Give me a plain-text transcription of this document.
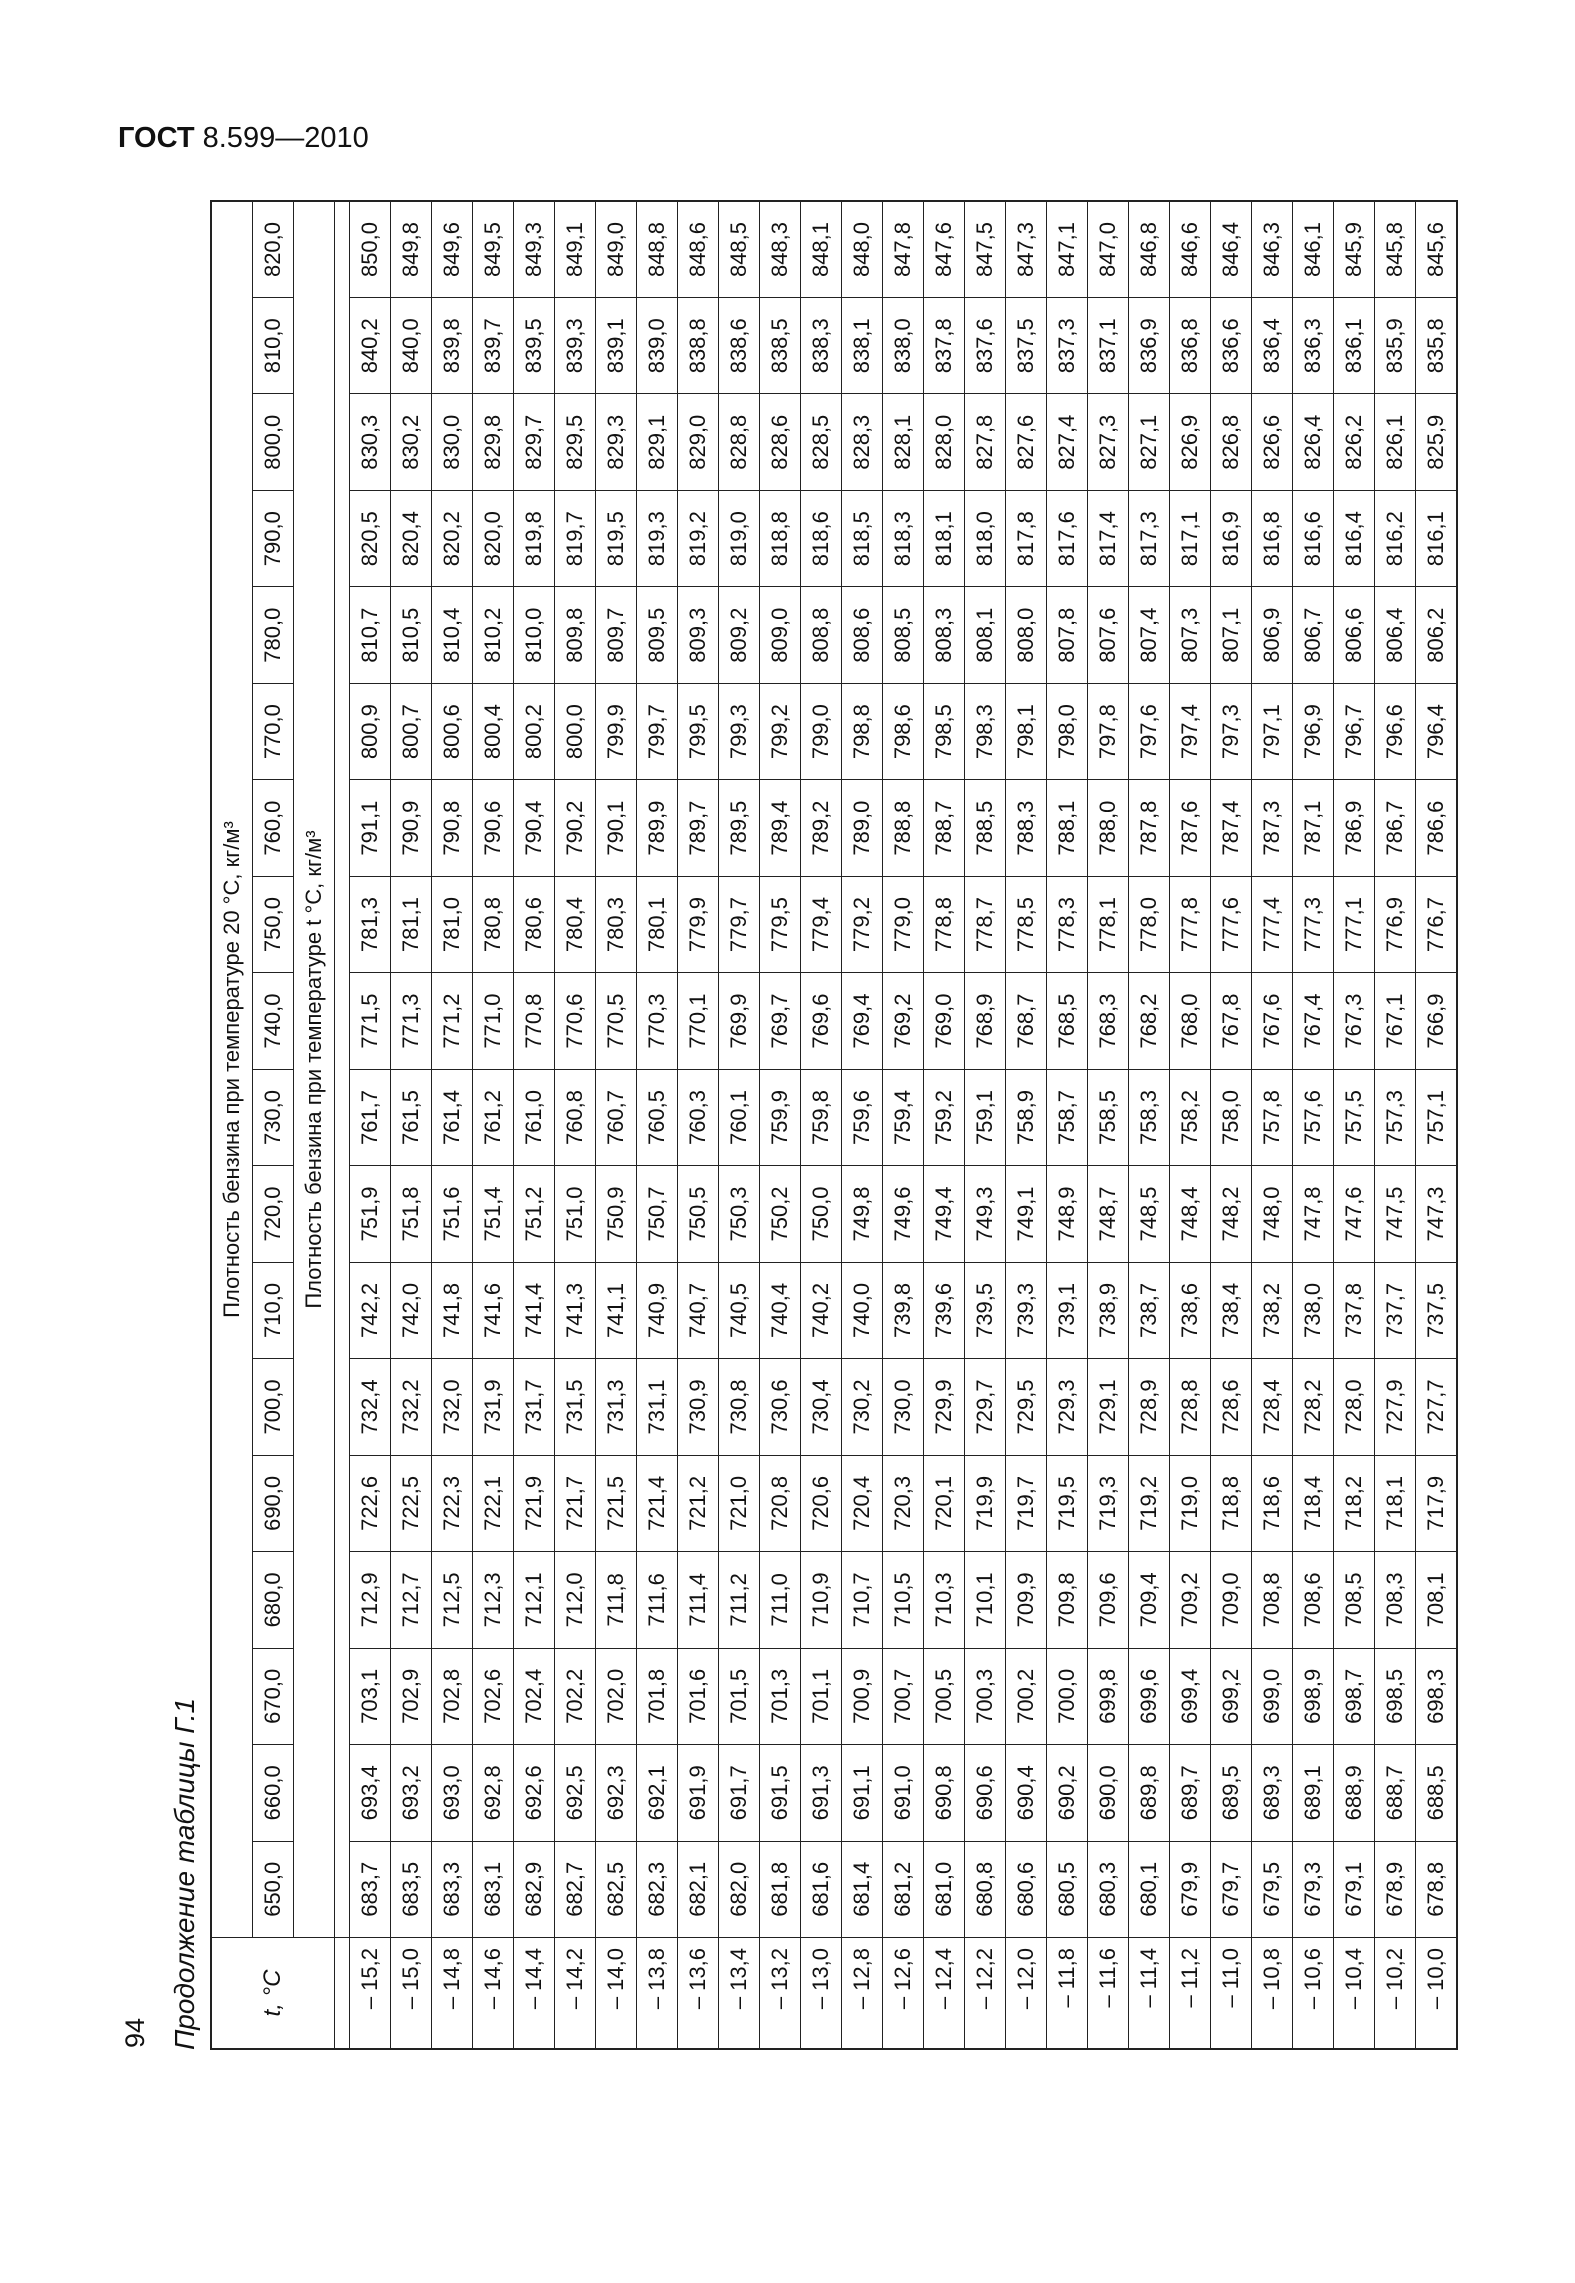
ГОСТ 8.599—2010
94 Продолжение таблицы Г.1	t, °C	Плотность бензина при температуре 20 °C, кг/м³																	
	650,0	660,0	670,0	680,0	690,0	700,0	710,0	720,0	730,0	740,0	750,0	760,0	770,0	780,0	790,0	800,0	810,0	820,0
	Плотность бензина при температуре t °C, кг/м³																	

– 15,2	683,7	693,4	703,1	712,9	722,6	732,4	742,2	751,9	761,7	771,5	781,3	791,1	800,9	810,7	820,5	830,3	840,2	850,0
– 15,0	683,5	693,2	702,9	712,7	722,5	732,2	742,0	751,8	761,5	771,3	781,1	790,9	800,7	810,5	820,4	830,2	840,0	849,8
– 14,8	683,3	693,0	702,8	712,5	722,3	732,0	741,8	751,6	761,4	771,2	781,0	790,8	800,6	810,4	820,2	830,0	839,8	849,6
– 14,6	683,1	692,8	702,6	712,3	722,1	731,9	741,6	751,4	761,2	771,0	780,8	790,6	800,4	810,2	820,0	829,8	839,7	849,5
– 14,4	682,9	692,6	702,4	712,1	721,9	731,7	741,4	751,2	761,0	770,8	780,6	790,4	800,2	810,0	819,8	829,7	839,5	849,3
– 14,2	682,7	692,5	702,2	712,0	721,7	731,5	741,3	751,0	760,8	770,6	780,4	790,2	800,0	809,8	819,7	829,5	839,3	849,1
– 14,0	682,5	692,3	702,0	711,8	721,5	731,3	741,1	750,9	760,7	770,5	780,3	790,1	799,9	809,7	819,5	829,3	839,1	849,0
– 13,8	682,3	692,1	701,8	711,6	721,4	731,1	740,9	750,7	760,5	770,3	780,1	789,9	799,7	809,5	819,3	829,1	839,0	848,8
– 13,6	682,1	691,9	701,6	711,4	721,2	730,9	740,7	750,5	760,3	770,1	779,9	789,7	799,5	809,3	819,2	829,0	838,8	848,6
– 13,4	682,0	691,7	701,5	711,2	721,0	730,8	740,5	750,3	760,1	769,9	779,7	789,5	799,3	809,2	819,0	828,8	838,6	848,5
– 13,2	681,8	691,5	701,3	711,0	720,8	730,6	740,4	750,2	759,9	769,7	779,5	789,4	799,2	809,0	818,8	828,6	838,5	848,3
– 13,0	681,6	691,3	701,1	710,9	720,6	730,4	740,2	750,0	759,8	769,6	779,4	789,2	799,0	808,8	818,6	828,5	838,3	848,1
– 12,8	681,4	691,1	700,9	710,7	720,4	730,2	740,0	749,8	759,6	769,4	779,2	789,0	798,8	808,6	818,5	828,3	838,1	848,0
– 12,6	681,2	691,0	700,7	710,5	720,3	730,0	739,8	749,6	759,4	769,2	779,0	788,8	798,6	808,5	818,3	828,1	838,0	847,8
– 12,4	681,0	690,8	700,5	710,3	720,1	729,9	739,6	749,4	759,2	769,0	778,8	788,7	798,5	808,3	818,1	828,0	837,8	847,6
– 12,2	680,8	690,6	700,3	710,1	719,9	729,7	739,5	749,3	759,1	768,9	778,7	788,5	798,3	808,1	818,0	827,8	837,6	847,5
– 12,0	680,6	690,4	700,2	709,9	719,7	729,5	739,3	749,1	758,9	768,7	778,5	788,3	798,1	808,0	817,8	827,6	837,5	847,3
– 11,8	680,5	690,2	700,0	709,8	719,5	729,3	739,1	748,9	758,7	768,5	778,3	788,1	798,0	807,8	817,6	827,4	837,3	847,1
– 11,6	680,3	690,0	699,8	709,6	719,3	729,1	738,9	748,7	758,5	768,3	778,1	788,0	797,8	807,6	817,4	827,3	837,1	847,0
– 11,4	680,1	689,8	699,6	709,4	719,2	728,9	738,7	748,5	758,3	768,2	778,0	787,8	797,6	807,4	817,3	827,1	836,9	846,8
– 11,2	679,9	689,7	699,4	709,2	719,0	728,8	738,6	748,4	758,2	768,0	777,8	787,6	797,4	807,3	817,1	826,9	836,8	846,6
– 11,0	679,7	689,5	699,2	709,0	718,8	728,6	738,4	748,2	758,0	767,8	777,6	787,4	797,3	807,1	816,9	826,8	836,6	846,4
– 10,8	679,5	689,3	699,0	708,8	718,6	728,4	738,2	748,0	757,8	767,6	777,4	787,3	797,1	806,9	816,8	826,6	836,4	846,3
– 10,6	679,3	689,1	698,9	708,6	718,4	728,2	738,0	747,8	757,6	767,4	777,3	787,1	796,9	806,7	816,6	826,4	836,3	846,1
– 10,4	679,1	688,9	698,7	708,5	718,2	728,0	737,8	747,6	757,5	767,3	777,1	786,9	796,7	806,6	816,4	826,2	836,1	845,9
– 10,2	678,9	688,7	698,5	708,3	718,1	727,9	737,7	747,5	757,3	767,1	776,9	786,7	796,6	806,4	816,2	826,1	835,9	845,8
– 10,0	678,8	688,5	698,3	708,1	717,9	727,7	737,5	747,3	757,1	766,9	776,7	786,6	796,4	806,2	816,1	825,9	835,8	845,6
